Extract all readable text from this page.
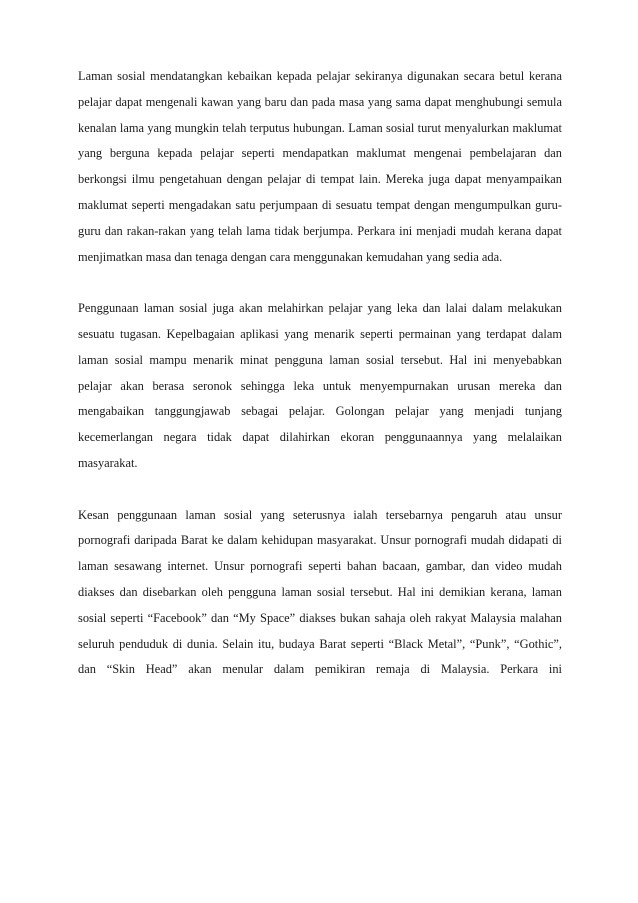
Laman sosial mendatangkan kebaikan kepada pelajar sekiranya digunakan secara betul kerana pelajar dapat mengenali kawan yang baru dan pada masa yang sama dapat menghubungi semula kenalan lama yang mungkin telah terputus hubungan. Laman sosial turut menyalurkan maklumat yang berguna kepada pelajar seperti mendapatkan maklumat mengenai pembelajaran dan berkongsi ilmu pengetahuan dengan pelajar di tempat lain. Mereka juga dapat menyampaikan maklumat seperti mengadakan satu perjumpaan di sesuatu tempat dengan mengumpulkan guru-guru dan rakan-rakan yang telah lama tidak berjumpa. Perkara ini menjadi mudah kerana dapat menjimatkan masa dan tenaga dengan cara menggunakan kemudahan yang sedia ada.

Penggunaan laman sosial juga akan melahirkan pelajar yang leka dan lalai dalam melakukan sesuatu tugasan. Kepelbagaian aplikasi yang menarik seperti permainan yang terdapat dalam laman sosial mampu menarik minat pengguna laman sosial tersebut. Hal ini menyebabkan pelajar akan berasa seronok sehingga leka untuk menyempurnakan urusan mereka dan mengabaikan tanggungjawab sebagai pelajar. Golongan pelajar yang menjadi tunjang kecemerlangan negara tidak dapat dilahirkan ekoran penggunaannya yang melalaikan masyarakat.

Kesan penggunaan laman sosial yang seterusnya ialah tersebarnya pengaruh atau unsur pornografi daripada Barat ke dalam kehidupan masyarakat. Unsur pornografi mudah didapati di laman sesawang internet. Unsur pornografi seperti bahan bacaan, gambar, dan video mudah diakses dan disebarkan oleh pengguna laman sosial tersebut. Hal ini demikian kerana, laman sosial seperti “Facebook” dan “My Space” diakses bukan sahaja oleh rakyat Malaysia malahan seluruh penduduk di dunia. Selain itu, budaya Barat seperti “Black Metal”, “Punk”, “Gothic”, dan “Skin Head” akan menular dalam pemikiran remaja di Malaysia. Perkara ini
